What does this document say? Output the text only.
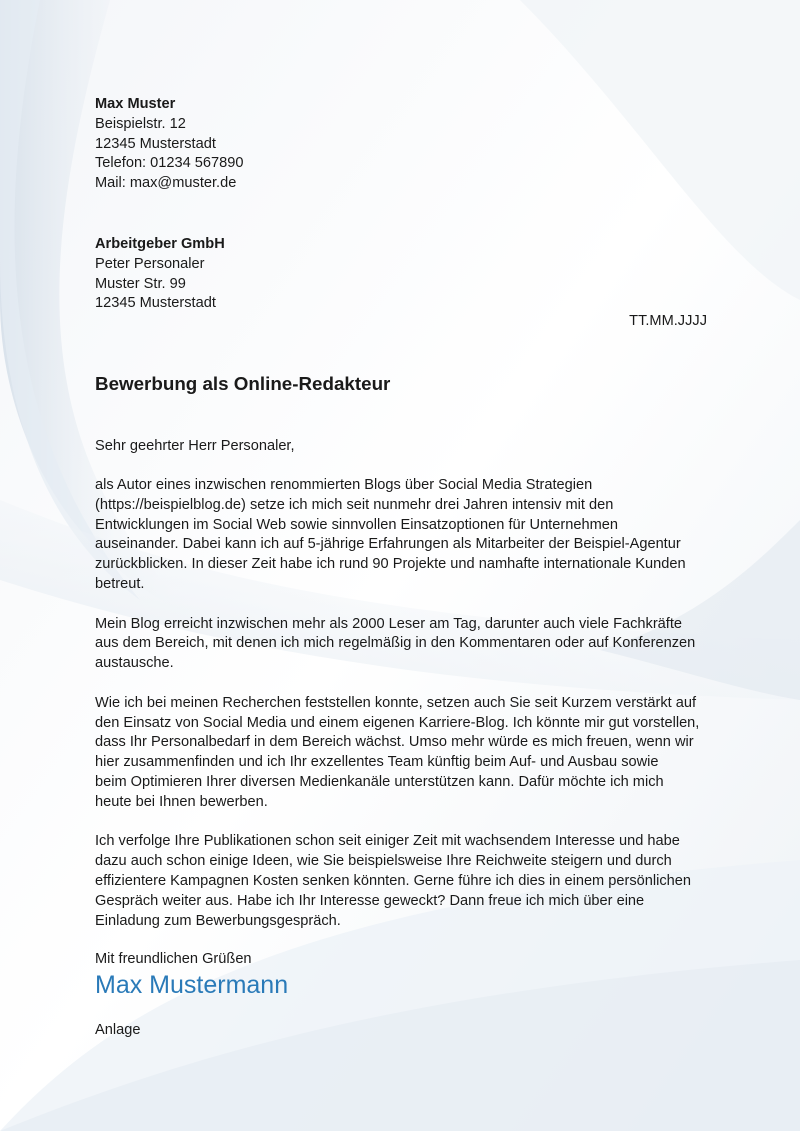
Max Muster
Beispielstr. 12
12345 Musterstadt
Telefon: 01234 567890
Mail: max@muster.de
Arbeitgeber GmbH
Peter Personaler
Muster Str. 99
12345 Musterstadt
TT.MM.JJJJ
Bewerbung als Online-Redakteur
Sehr geehrter Herr Personaler,

als Autor eines inzwischen renommierten Blogs über Social Media Strategien
(https://beispielblog.de) setze ich mich seit nunmehr drei Jahren intensiv mit den
Entwicklungen im Social Web sowie sinnvollen Einsatzoptionen für Unternehmen
auseinander. Dabei kann ich auf 5-jährige Erfahrungen als Mitarbeiter der Beispiel-Agentur
zurückblicken. In dieser Zeit habe ich rund 90 Projekte und namhafte internationale Kunden
betreut.

Mein Blog erreicht inzwischen mehr als 2000 Leser am Tag, darunter auch viele Fachkräfte
aus dem Bereich, mit denen ich mich regelmäßig in den Kommentaren oder auf Konferenzen
austausche.

Wie ich bei meinen Recherchen feststellen konnte, setzen auch Sie seit Kurzem verstärkt auf
den Einsatz von Social Media und einem eigenen Karriere-Blog. Ich könnte mir gut vorstellen,
dass Ihr Personalbedarf in dem Bereich wächst. Umso mehr würde es mich freuen, wenn wir
hier zusammenfinden und ich Ihr exzellentes Team künftig beim Auf- und Ausbau sowie
beim Optimieren Ihrer diversen Medienkanäle unterstützen kann. Dafür möchte ich mich
heute bei Ihnen bewerben.

Ich verfolge Ihre Publikationen schon seit einiger Zeit mit wachsendem Interesse und habe
dazu auch schon einige Ideen, wie Sie beispielsweise Ihre Reichweite steigern und durch
effizientere Kampagnen Kosten senken könnten. Gerne führe ich dies in einem persönlichen
Gespräch weiter aus. Habe ich Ihr Interesse geweckt? Dann freue ich mich über eine
Einladung zum Bewerbungsgespräch.

Mit freundlichen Grüßen
Max Mustermann
Anlage
